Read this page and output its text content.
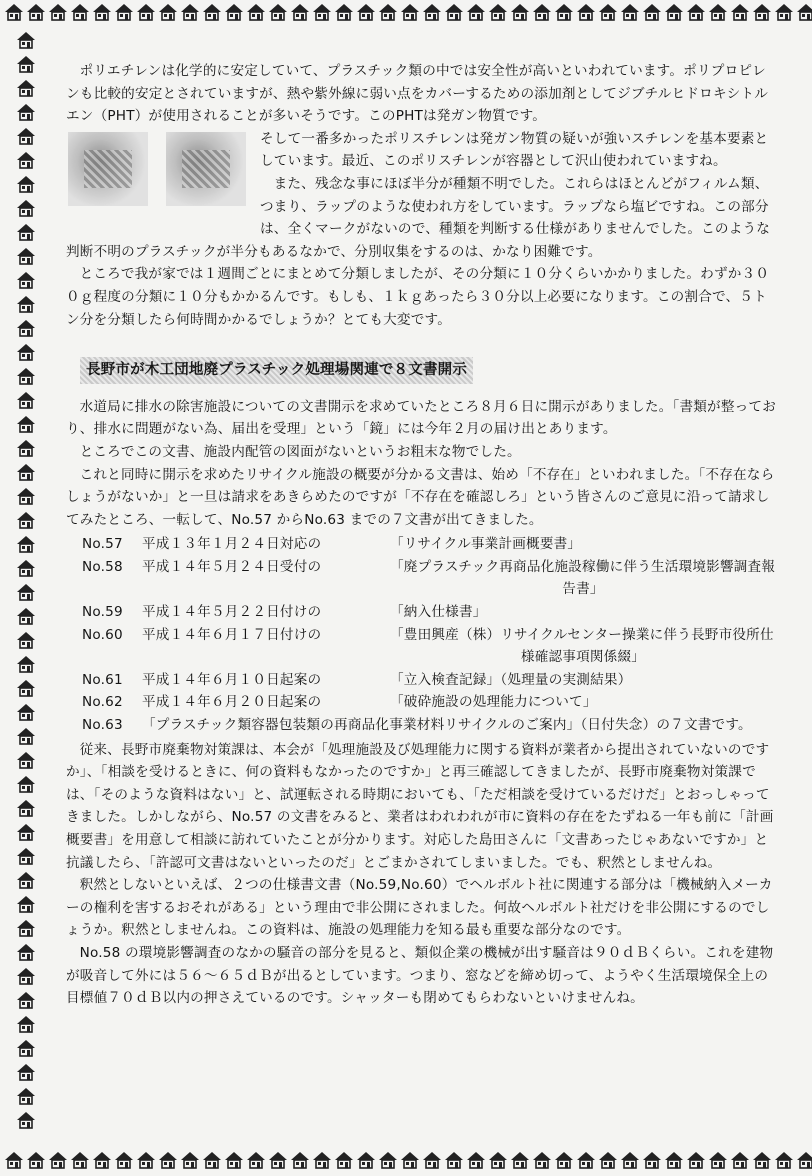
ポリエチレンは化学的に安定していて、プラスチック類の中では安全性が高いといわれています。ポリプロピレンも比較的安定とされていますが、熱や紫外線に弱い点をカバーするための添加剤としてジブチルヒドロキシトルエン（PHT）が使用されることが多いそうです。このPHTは発ガン物質です。

そして一番多かったポリスチレンは発ガン物質の疑いが強いスチレンを基本要素としています。最近、このポリスチレンが容器として沢山使われていますね。

また、残念な事にほぼ半分が種類不明でした。これらはほとんどがフィルム類、つまり、ラップのような使われ方をしています。ラップなら塩ビですね。この部分は、全くマークがないので、種類を判断する仕様がありませんでした。このような判断不明のプラスチックが半分もあるなかで、分別収集をするのは、かなり困難です。

ところで我が家では１週間ごとにまとめて分類しましたが、その分類に１０分くらいかかりました。わずか３００ｇ程度の分類に１０分もかかるんです。もしも、１ｋｇあったら３０分以上必要になります。この割合で、５トン分を分類したら何時間かかるでしょうか？とても大変です。

長野市が木工団地廃プラスチック処理場関連で８文書開示

水道局に排水の除害施設についての文書開示を求めていたところ８月６日に開示がありました。「書類が整っており、排水に問題がない為、届出を受理」という「鏡」には今年２月の届け出とあります。

ところでこの文書、施設内配管の図面がないというお粗末な物でした。

これと同時に開示を求めたリサイクル施設の概要が分かる文書は、始め「不存在」といわれました。「不存在ならしょうがないか」と一旦は請求をあきらめたのですが「不存在を確認しろ」という皆さんのご意見に沿って請求してみたところ、一転して、No.57 からNo.63 までの７文書が出てきました。

No.57	平成１３年１月２４日対応の	「リサイクル事業計画概要書」
No.58	平成１４年５月２４日受付の	「廃プラスチック再商品化施設稼働に伴う生活環境影響調査報
告書」
No.59	平成１４年５月２２日付けの	「納入仕様書」
No.60	平成１４年６月１７日付けの	「豊田興産（株）リサイクルセンター操業に伴う長野市役所仕
様確認事項関係綴」
No.61	平成１４年６月１０日起案の	「立入検査記録」（処理量の実測結果）
No.62	平成１４年６月２０日起案の	「破砕施設の処理能力について」
No.63 「プラスチック類容器包装類の再商品化事業材料リサイクルのご案内」（日付失念）の７文書です。

従来、長野市廃棄物対策課は、本会が「処理施設及び処理能力に関する資料が業者から提出されていないのですか」、「相談を受けるときに、何の資料もなかったのですか」と再三確認してきましたが、長野市廃棄物対策課では、「そのような資料はない」と、試運転される時期においても、「ただ相談を受けているだけだ」とおっしゃってきました。しかしながら、No.57 の文書をみると、業者はわれわれが市に資料の存在をたずねる一年も前に「計画概要書」を用意して相談に訪れていたことが分かります。対応した島田さんに「文書あったじゃあないですか」と抗議したら、「許認可文書はないといったのだ」とごまかされてしまいました。でも、釈然としませんね。

釈然としないといえば、２つの仕様書文書（No.59,No.60）でヘルボルト社に関連する部分は「機械納入メーカーの権利を害するおそれがある」という理由で非公開にされました。何故ヘルボルト社だけを非公開にするのでしょうか。釈然としませんね。この資料は、施設の処理能力を知る最も重要な部分なのです。

No.58 の環境影響調査のなかの騒音の部分を見ると、類似企業の機械が出す騒音は９０ｄＢくらい。これを建物が吸音して外には５６〜６５ｄＢが出るとしています。つまり、窓などを締め切って、ようやく生活環境保全上の目標値７０ｄＢ以内の押さえているのです。シャッターも閉めてもらわないといけませんね。
